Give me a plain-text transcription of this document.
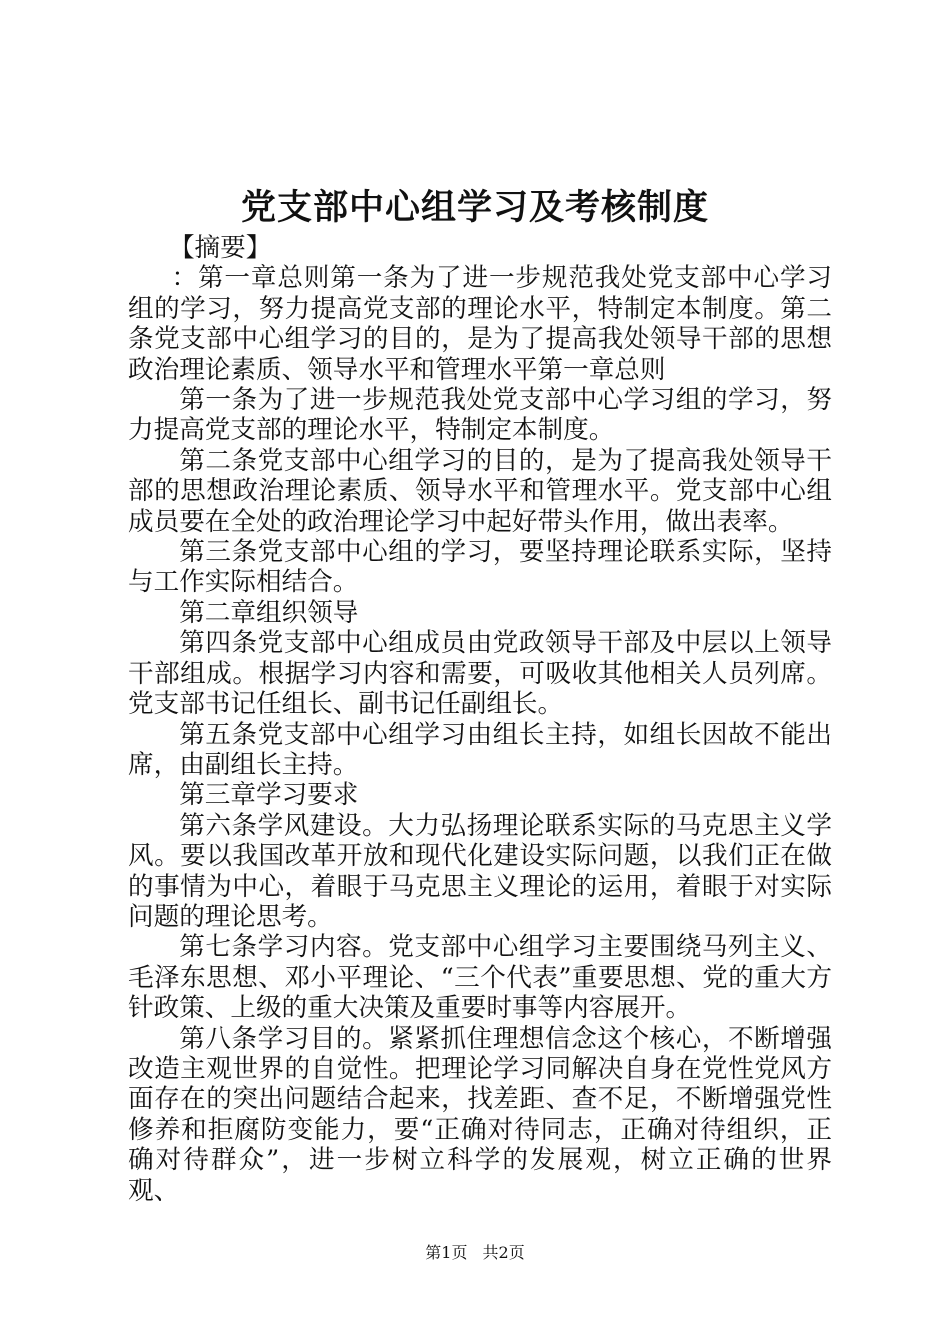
党支部中心组学习及考核制度

【摘要】

：第一章总则第一条为了进一步规范我处党支部中心学习组的学习，努力提高党支部的理论水平，特制定本制度。第二条党支部中心组学习的目的，是为了提高我处领导干部的思想政治理论素质、领导水平和管理水平第一章总则

第一条为了进一步规范我处党支部中心学习组的学习，努力提高党支部的理论水平，特制定本制度。

第二条党支部中心组学习的目的，是为了提高我处领导干部的思想政治理论素质、领导水平和管理水平。党支部中心组成员要在全处的政治理论学习中起好带头作用，做出表率。

第三条党支部中心组的学习，要坚持理论联系实际，坚持与工作实际相结合。

第二章组织领导

第四条党支部中心组成员由党政领导干部及中层以上领导干部组成。根据学习内容和需要，可吸收其他相关人员列席。党支部书记任组长、副书记任副组长。

第五条党支部中心组学习由组长主持，如组长因故不能出席，由副组长主持。

第三章学习要求

第六条学风建设。大力弘扬理论联系实际的马克思主义学风。要以我国改革开放和现代化建设实际问题，以我们正在做的事情为中心，着眼于马克思主义理论的运用，着眼于对实际问题的理论思考。

第七条学习内容。党支部中心组学习主要围绕马列主义、毛泽东思想、邓小平理论、“三个代表”重要思想、党的重大方针政策、上级的重大决策及重要时事等内容展开。

第八条学习目的。紧紧抓住理想信念这个核心，不断增强改造主观世界的自觉性。把理论学习同解决自身在党性党风方面存在的突出问题结合起来，找差距、查不足，不断增强党性修养和拒腐防变能力，要“正确对待同志，正确对待组织，正确对待群众”，进一步树立科学的发展观，树立正确的世界观、

第1页 共2页
